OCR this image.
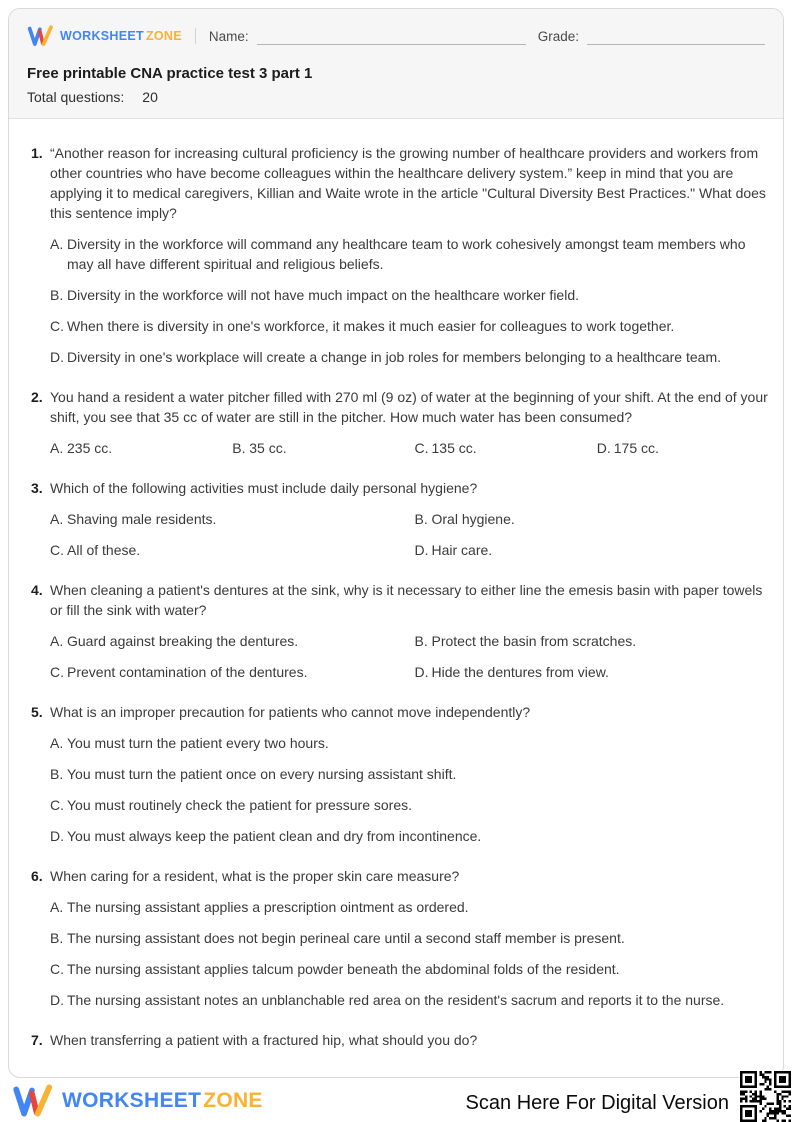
WORKSHEET ZONE Name:	Grade:
Free printable CNA practice test 3 part 1
Total questions: 20
1. “Another reason for increasing cultural proficiency is the growing number of healthcare providers and workers from other countries who have become colleagues within the healthcare delivery system.” keep in mind that you are applying it to medical caregivers, Killian and Waite wrote in the article "Cultural Diversity Best Practices." What does this sentence imply?
A. Diversity in the workforce will command any healthcare team to work cohesively amongst team members who may all have different spiritual and religious beliefs.
B. Diversity in the workforce will not have much impact on the healthcare worker field.
C. When there is diversity in one's workforce, it makes it much easier for colleagues to work together.
D. Diversity in one's workplace will create a change in job roles for members belonging to a healthcare team.
2. You hand a resident a water pitcher filled with 270 ml (9 oz) of water at the beginning of your shift. At the end of your shift, you see that 35 cc of water are still in the pitcher. How much water has been consumed?
A. 235 cc.	B. 35 cc.	C. 135 cc.	D. 175 cc.
3. Which of the following activities must include daily personal hygiene?
A. Shaving male residents.	B. Oral hygiene.
C. All of these.	D. Hair care.
4. When cleaning a patient's dentures at the sink, why is it necessary to either line the emesis basin with paper towels or fill the sink with water?
A. Guard against breaking the dentures.	B. Protect the basin from scratches.
C. Prevent contamination of the dentures.	D. Hide the dentures from view.
5. What is an improper precaution for patients who cannot move independently?
A. You must turn the patient every two hours.
B. You must turn the patient once on every nursing assistant shift.
C. You must routinely check the patient for pressure sores.
D. You must always keep the patient clean and dry from incontinence.
6. When caring for a resident, what is the proper skin care measure?
A. The nursing assistant applies a prescription ointment as ordered.
B. The nursing assistant does not begin perineal care until a second staff member is present.
C. The nursing assistant applies talcum powder beneath the abdominal folds of the resident.
D. The nursing assistant notes an unblanchable red area on the resident's sacrum and reports it to the nurse.
7. When transferring a patient with a fractured hip, what should you do?
WORKSHEETZONE	Scan Here For Digital Version
